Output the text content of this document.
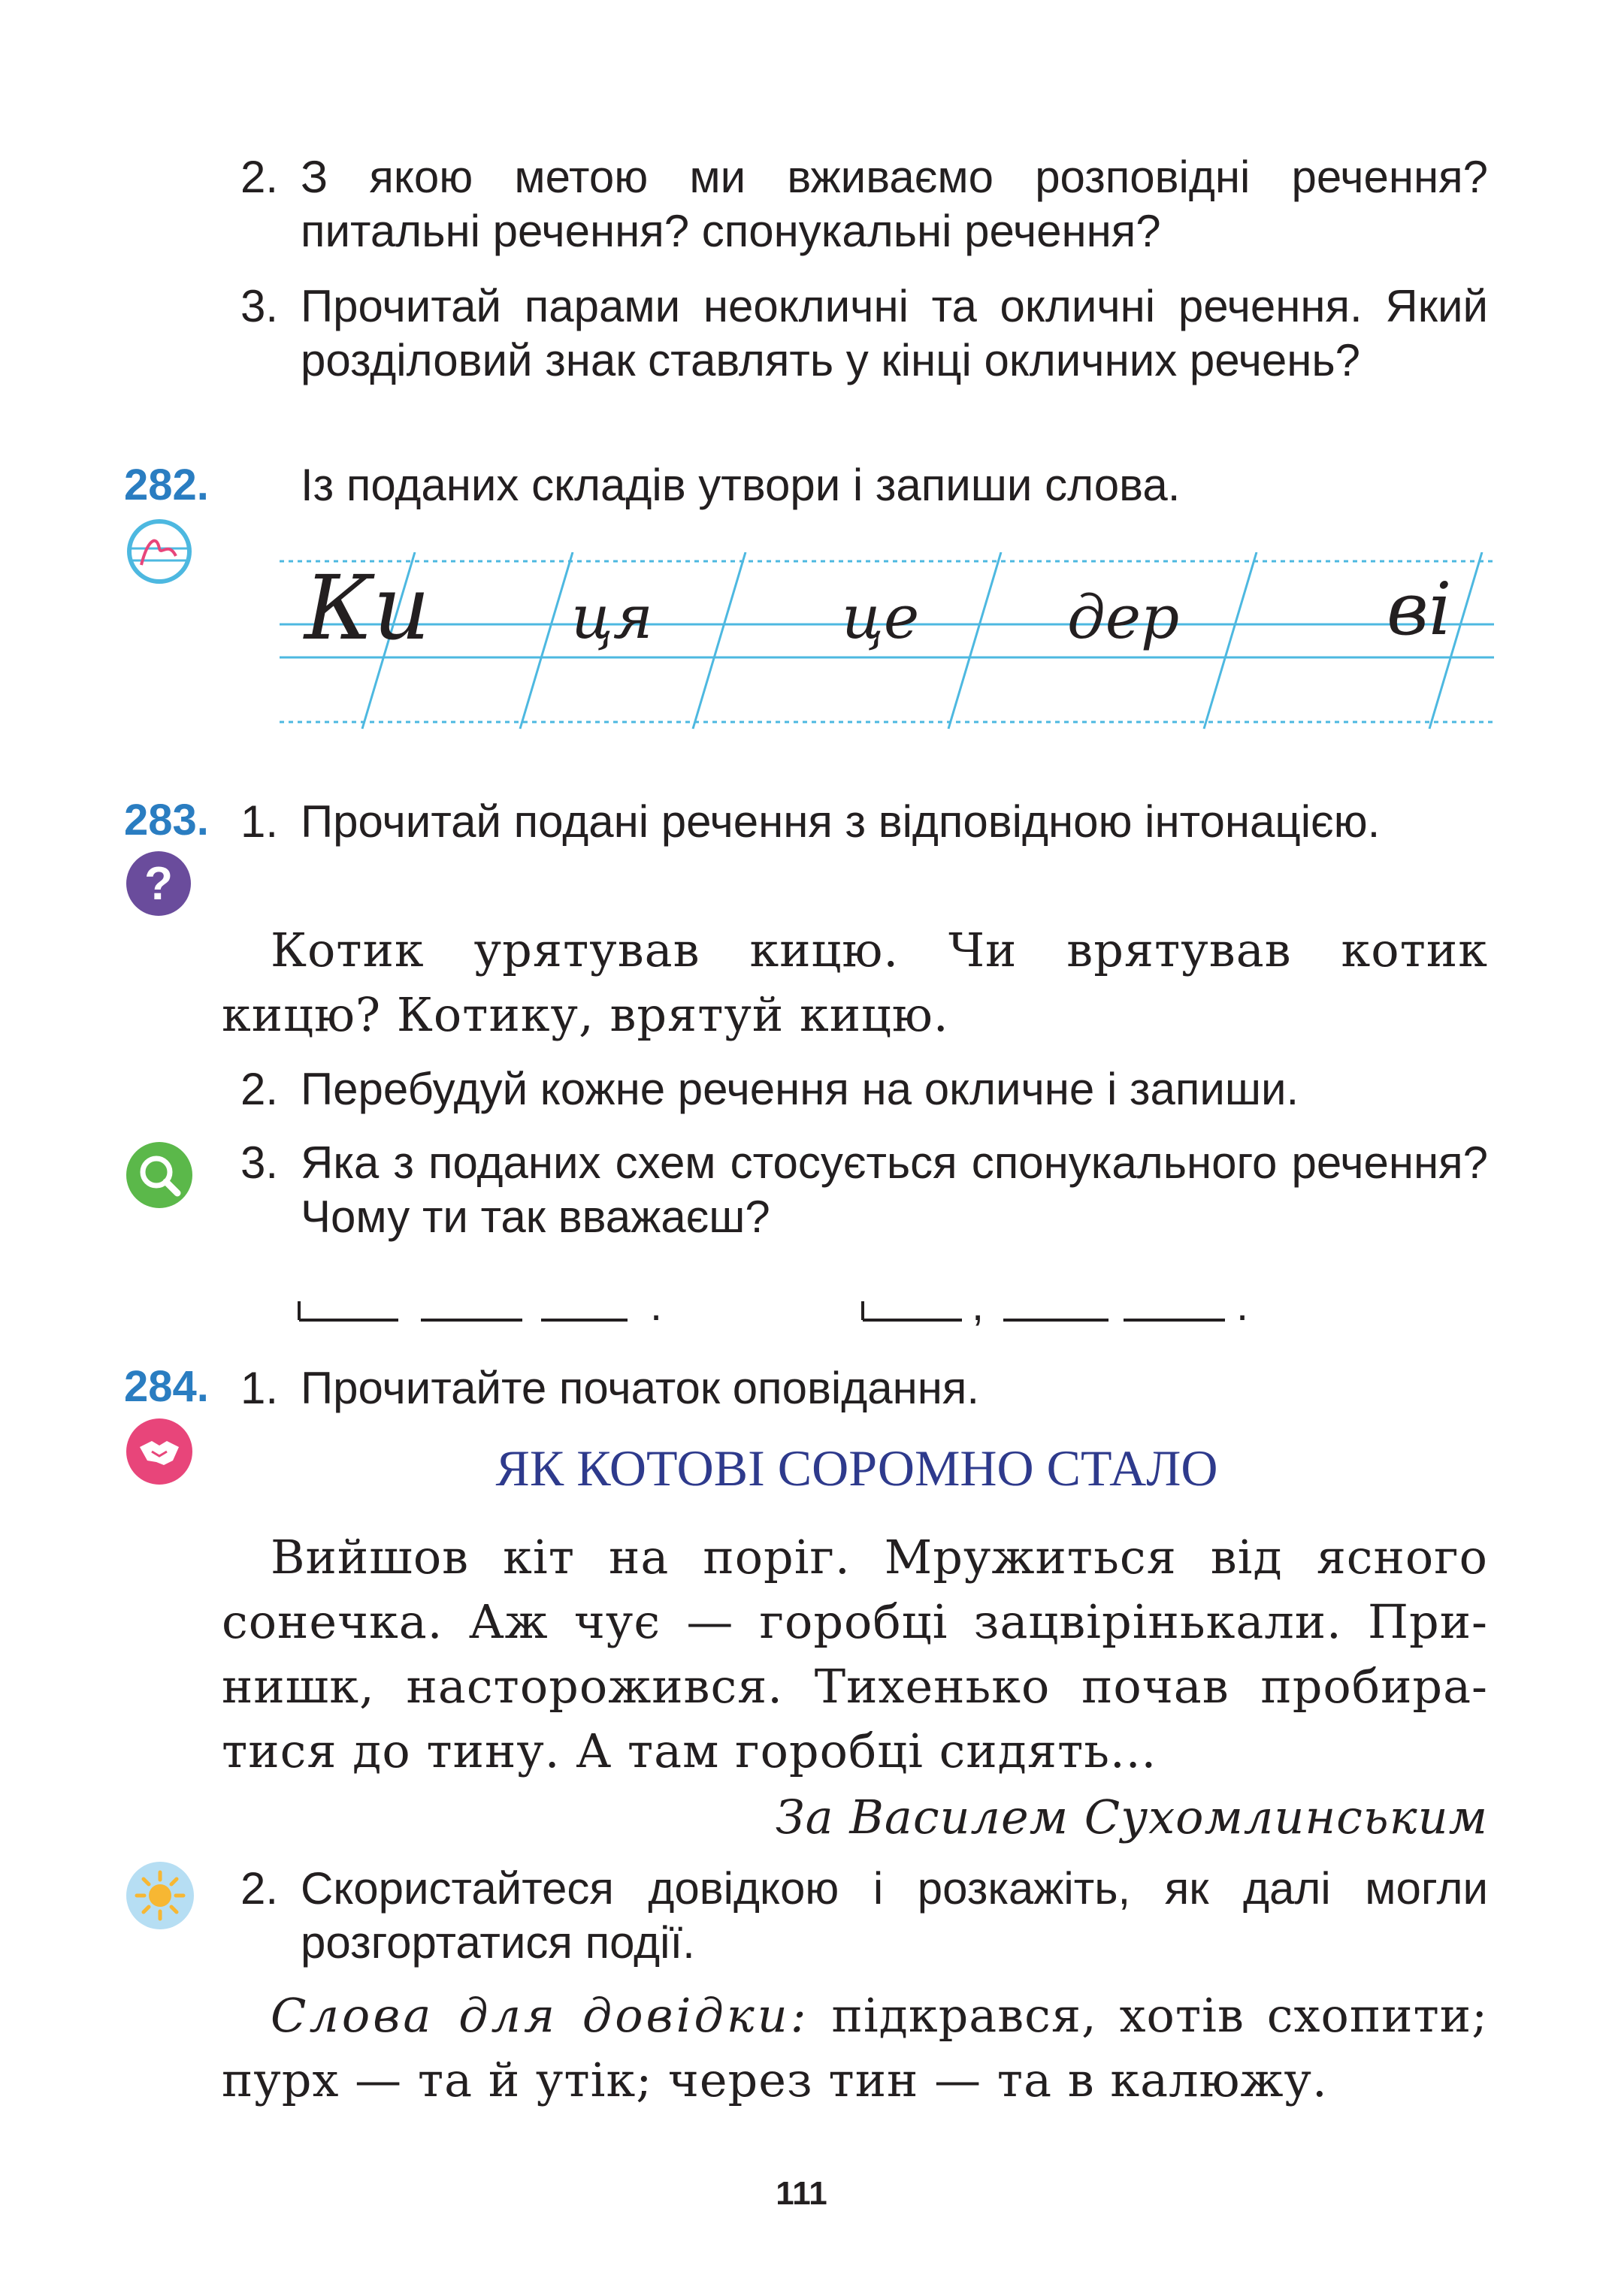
2. З якою метою ми вживаємо розповідні речення? питальні речення? спонукальні речення?
3. Прочитай парами неокличні та окличні речення. Який розділовий знак ставлять у кінці окличних речень?
282. Із поданих складів утвори і запиши слова.
Ки ця	це дер	ві
283.
?
1. Прочитай подані речення з відповідною інтонацією.
Котик урятував кицю. Чи врятував котик
кицю? Котику, врятуй кицю.
2. Перебудуй кожне речення на окличне і запиши.
3. Яка з поданих схем стосується спонукального речення? Чому ти так вважаєш?
.	,	.
284. 1. Прочитайте початок оповідання.
ЯК КОТОВІ СОРОМНО СТАЛО
Вийшов кіт на поріг. Мружиться від ясного
сонечка. Аж чує — горобці зацвірінькали. При-
нишк, насторожився. Тихенько почав пробира-
тися до тину. А там горобці сидять...
За Василем Сухомлинським
2. Скористайтеся довідкою і розкажіть, як далі могли розгортатися події.
Слова для довідки: підкрався, хотів схопити;
пурх — та й утік; через тин — та в калюжу.
111
